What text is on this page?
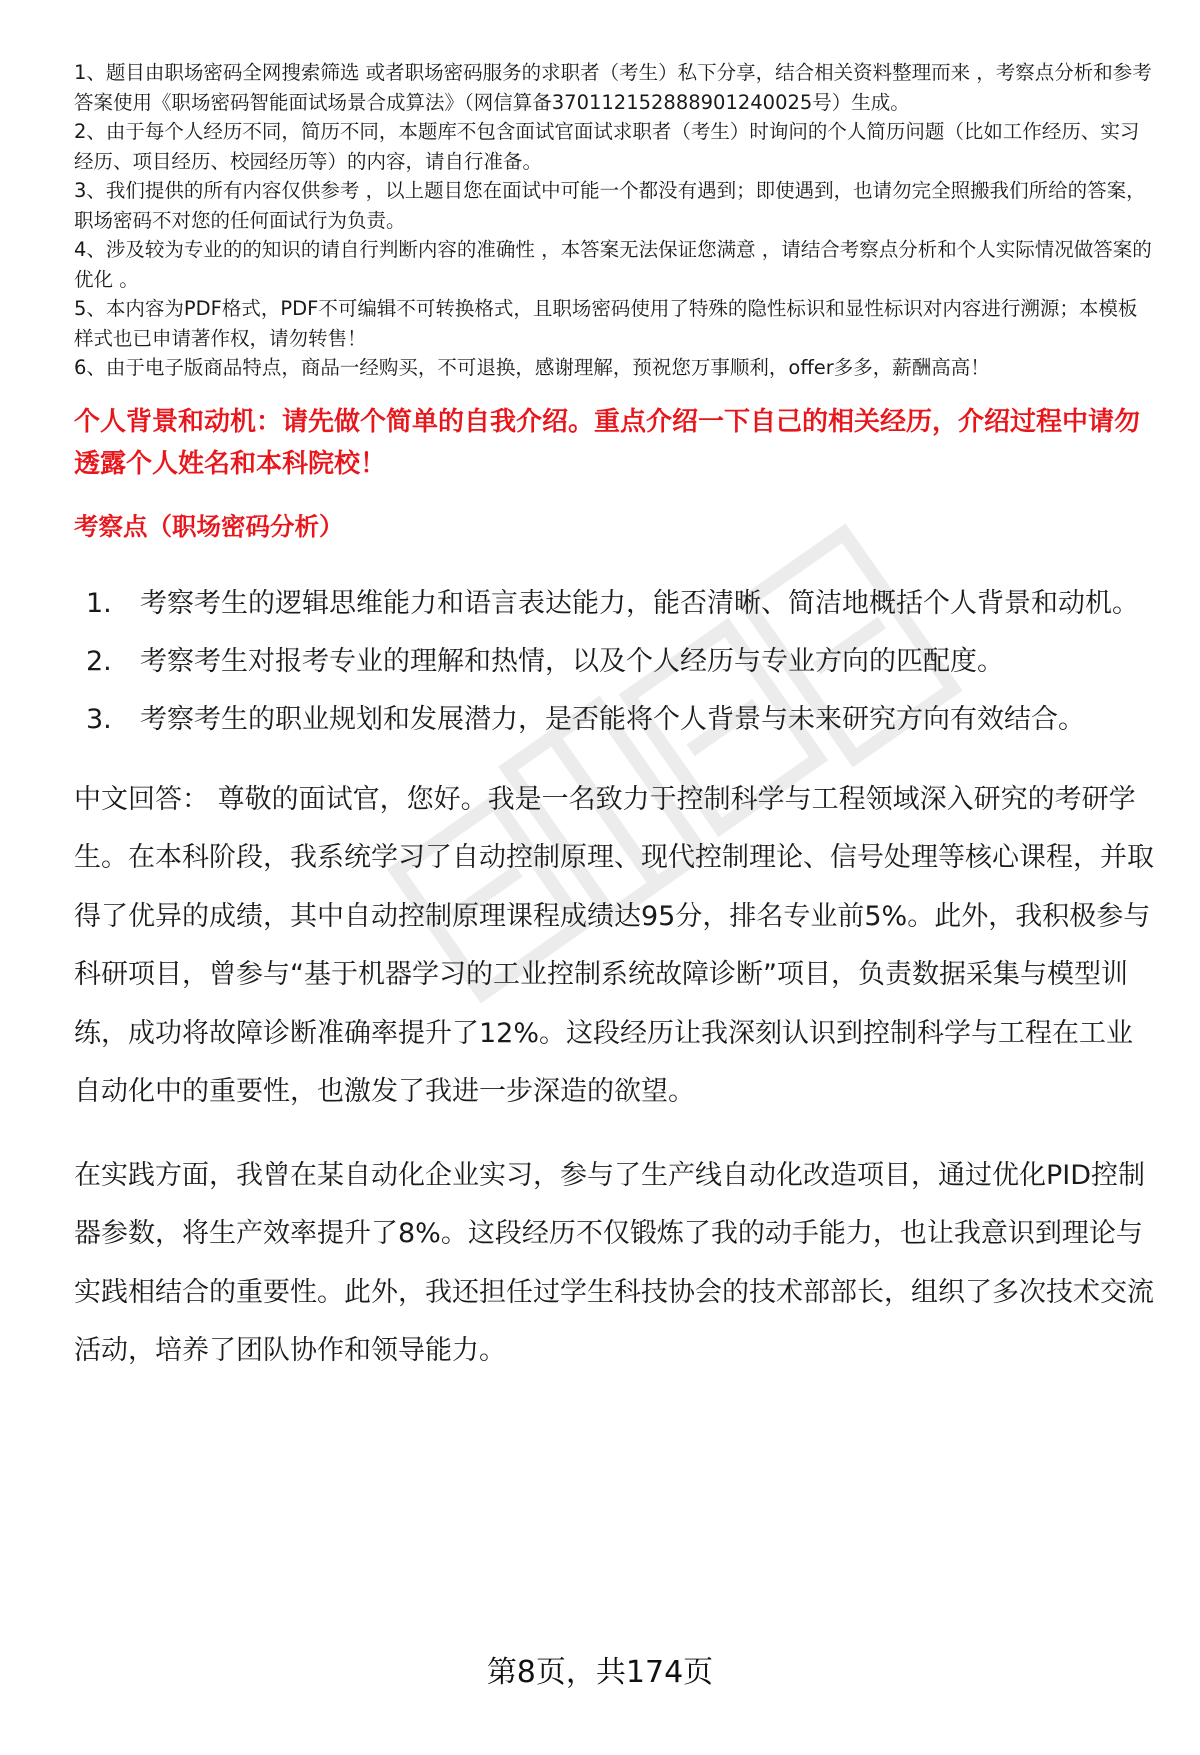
1、题目由职场密码全网搜索筛选 或者职场密码服务的求职者（考生）私下分享，结合相关资料整理而来 ，考察点分析和参考答案使用《职场密码智能面试场景合成算法》（网信算备370112152888901240025号）生成。
2、由于每个人经历不同，简历不同，本题库不包含面试官面试求职者（考生）时询问的个人简历问题（比如工作经历、实习经历、项目经历、校园经历等）的内容，请自行准备。
3、我们提供的所有内容仅供参考 ，以上题目您在面试中可能一个都没有遇到；即使遇到，也请勿完全照搬我们所给的答案，职场密码不对您的任何面试行为负责。
4、涉及较为专业的的知识的请自行判断内容的准确性 ，本答案无法保证您满意 ，请结合考察点分析和个人实际情况做答案的优化 。
5、本内容为PDF格式，PDF不可编辑不可转换格式，且职场密码使用了特殊的隐性标识和显性标识对内容进行溯源；本模板样式也已申请著作权，请勿转售！
6、由于电子版商品特点，商品一经购买，不可退换，感谢理解，预祝您万事顺利，offer多多，薪酬高高！
个人背景和动机：请先做个简单的自我介绍。重点介绍一下自己的相关经历，介绍过程中请勿透露个人姓名和本科院校！
考察点（职场密码分析）
1.	考察考生的逻辑思维能力和语言表达能力，能否清晰、简洁地概括个人背景和动机。
2.	考察考生对报考专业的理解和热情，以及个人经历与专业方向的匹配度。
3.	考察考生的职业规划和发展潜力，是否能将个人背景与未来研究方向有效结合。

中文回答： 尊敬的面试官，您好。我是一名致力于控制科学与工程领域深入研究的考研学生。在本科阶段，我系统学习了自动控制原理、现代控制理论、信号处理等核心课程，并取得了优异的成绩，其中自动控制原理课程成绩达95分，排名专业前5%。此外，我积极参与科研项目，曾参与“基于机器学习的工业控制系统故障诊断”项目，负责数据采集与模型训练，成功将故障诊断准确率提升了12%。这段经历让我深刻认识到控制科学与工程在工业自动化中的重要性，也激发了我进一步深造的欲望。

在实践方面，我曾在某自动化企业实习，参与了生产线自动化改造项目，通过优化PID控制器参数，将生产效率提升了8%。这段经历不仅锻炼了我的动手能力，也让我意识到理论与实践相结合的重要性。此外，我还担任过学生科技协会的技术部部长，组织了多次技术交流活动，培养了团队协作和领导能力。

第8页，共174页
